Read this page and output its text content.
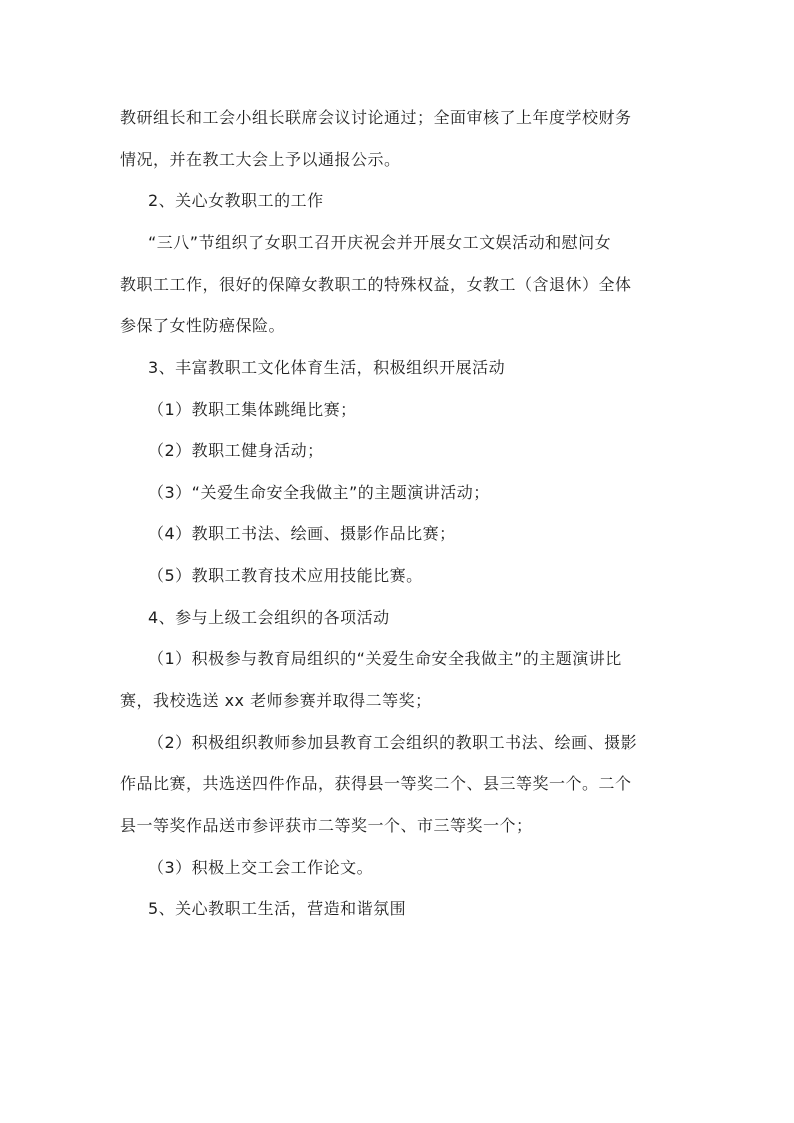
教研组长和工会小组长联席会议讨论通过；全面审核了上年度学校财务
情况，并在教工大会上予以通报公示。
2、关心女教职工的工作
“三八”节组织了女职工召开庆祝会并开展女工文娱活动和慰问女
教职工工作，很好的保障女教职工的特殊权益，女教工（含退休）全体
参保了女性防癌保险。
3、丰富教职工文化体育生活，积极组织开展活动
（1）教职工集体跳绳比赛；
（2）教职工健身活动；
（3）“关爱生命安全我做主”的主题演讲活动；
（4）教职工书法、绘画、摄影作品比赛；
（5）教职工教育技术应用技能比赛。
4、参与上级工会组织的各项活动
（1）积极参与教育局组织的“关爱生命安全我做主”的主题演讲比
赛，我校选送 xx 老师参赛并取得二等奖；
（2）积极组织教师参加县教育工会组织的教职工书法、绘画、摄影
作品比赛，共选送四件作品，获得县一等奖二个、县三等奖一个。二个
县一等奖作品送市参评获市二等奖一个、市三等奖一个；
（3）积极上交工会工作论文。
5、关心教职工生活，营造和谐氛围
